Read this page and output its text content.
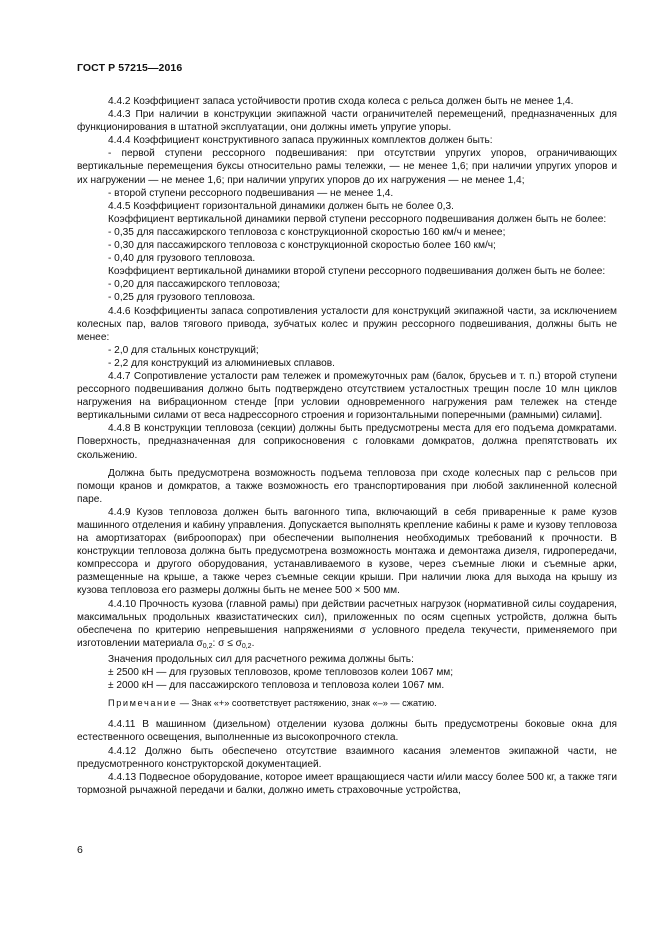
ГОСТ Р 57215—2016

4.4.2 Коэффициент запаса устойчивости против схода колеса с рельса должен быть не менее 1,4.

4.4.3 При наличии в конструкции экипажной части ограничителей перемещений, предназначенных для функционирования в штатной эксплуатации, они должны иметь упругие упоры.

4.4.4 Коэффициент конструктивного запаса пружинных комплектов должен быть:

- первой ступени рессорного подвешивания: при отсутствии упругих упоров, ограничивающих вертикальные перемещения буксы относительно рамы тележки, — не менее 1,6; при наличии упругих упоров и их нагружении — не менее 1,6; при наличии упругих упоров до их нагружения — не менее 1,4;

- второй ступени рессорного подвешивания — не менее 1,4.

4.4.5 Коэффициент горизонтальной динамики должен быть не более 0,3.

Коэффициент вертикальной динамики первой ступени рессорного подвешивания должен быть не более:

- 0,35 для пассажирского тепловоза с конструкционной скоростью 160 км/ч и менее;

- 0,30 для пассажирского тепловоза с конструкционной скоростью более 160 км/ч;

- 0,40 для грузового тепловоза.

Коэффициент вертикальной динамики второй ступени рессорного подвешивания должен быть не более:

- 0,20 для пассажирского тепловоза;

- 0,25 для грузового тепловоза.

4.4.6 Коэффициенты запаса сопротивления усталости для конструкций экипажной части, за исключением колесных пар, валов тягового привода, зубчатых колес и пружин рессорного подвешивания, должны быть не менее:

- 2,0 для стальных конструкций;

- 2,2 для конструкций из алюминиевых сплавов.

4.4.7 Сопротивление усталости рам тележек и промежуточных рам (балок, брусьев и т. п.) второй ступени рессорного подвешивания должно быть подтверждено отсутствием усталостных трещин после 10 млн циклов нагружения на вибрационном стенде [при условии одновременного нагружения рам тележек на стенде вертикальными силами от веса надрессорного строения и горизонтальными поперечными (рамными) силами].

4.4.8 В конструкции тепловоза (секции) должны быть предусмотрены места для его подъема домкратами. Поверхность, предназначенная для соприкосновения с головками домкратов, должна препятствовать их скольжению.

Должна быть предусмотрена возможность подъема тепловоза при сходе колесных пар с рельсов при помощи кранов и домкратов, а также возможность его транспортирования при любой заклиненной колесной паре.

4.4.9 Кузов тепловоза должен быть вагонного типа, включающий в себя приваренные к раме кузов машинного отделения и кабину управления. Допускается выполнять крепление кабины к раме и кузову тепловоза на амортизаторах (виброопорах) при обеспечении выполнения необходимых требований к прочности. В конструкции тепловоза должна быть предусмотрена возможность монтажа и демонтажа дизеля, гидропередачи, компрессора и другого оборудования, устанавливаемого в кузове, через съемные люки и съемные арки, размещенные на крыше, а также через съемные секции крыши. При наличии люка для выхода на крышу из кузова тепловоза его размеры должны быть не менее 500 × 500 мм.

4.4.10 Прочность кузова (главной рамы) при действии расчетных нагрузок (нормативной силы соударения, максимальных продольных квазистатических сил), приложенных по осям сцепных устройств, должна быть обеспечена по критерию непревышения напряжениями σ условного предела текучести, применяемого при изготовлении материала $\sigma_{0,2}$: $\sigma \le \sigma_{0,2}$.

Значения продольных сил для расчетного режима должны быть:

± 2500 кН — для грузовых тепловозов, кроме тепловозов колеи 1067 мм;

± 2000 кН — для пассажирского тепловоза и тепловоза колеи 1067 мм.

Примечание — Знак «+» соответствует растяжению, знак «–» — сжатию.

4.4.11 В машинном (дизельном) отделении кузова должны быть предусмотрены боковые окна для естественного освещения, выполненные из высокопрочного стекла.

4.4.12 Должно быть обеспечено отсутствие взаимного касания элементов экипажной части, не предусмотренного конструкторской документацией.

4.4.13 Подвесное оборудование, которое имеет вращающиеся части и/или массу более 500 кг, а также тяги тормозной рычажной передачи и балки, должно иметь страховочные устройства,

6
